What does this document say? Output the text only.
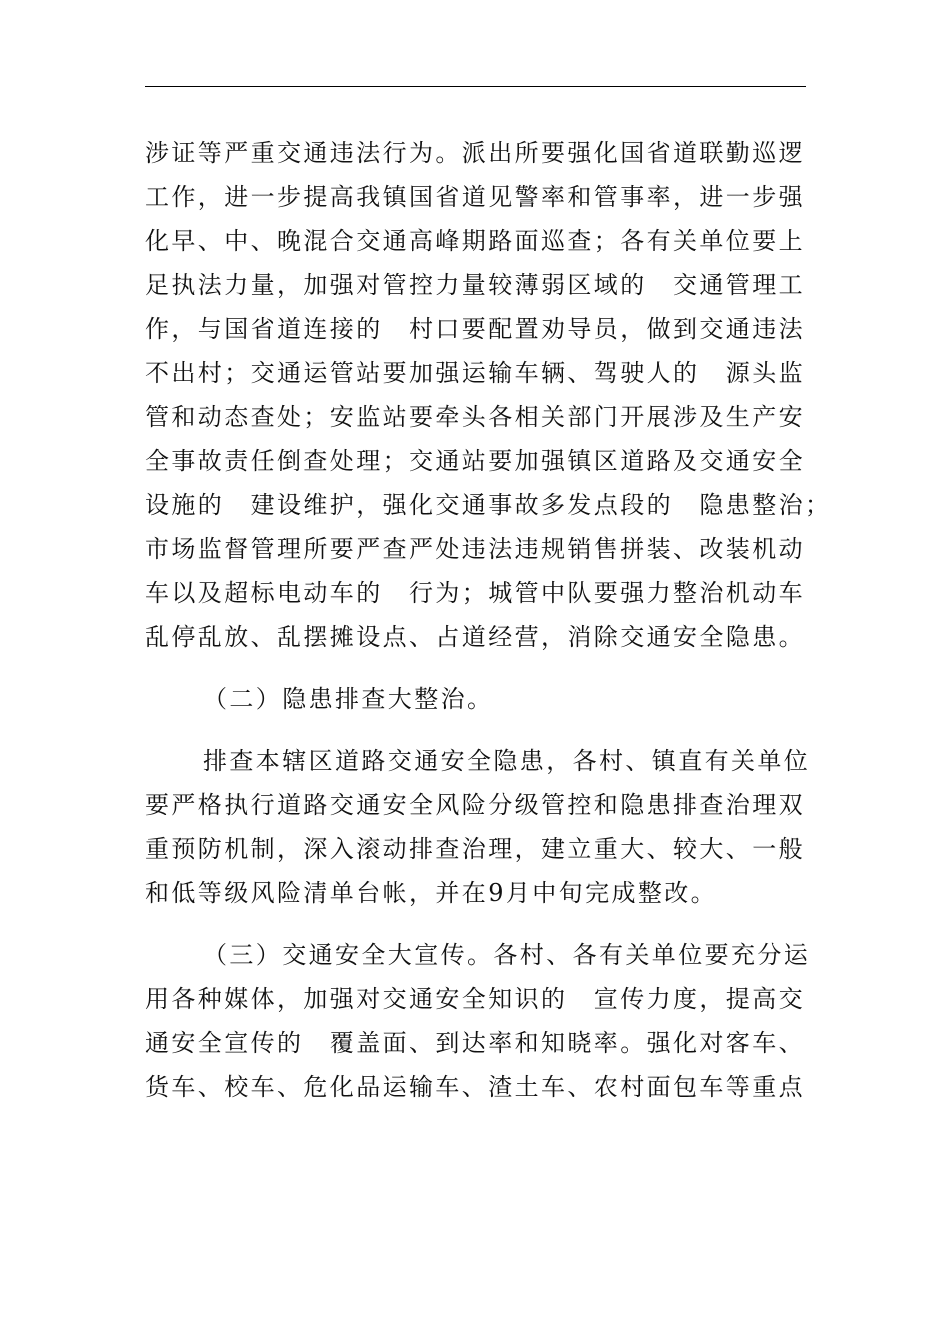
涉证等严重交通违法行为。派出所要强化国省道联勤巡逻
工作，进一步提高我镇国省道见警率和管事率，进一步强
化早、中、晚混合交通高峰期路面巡查；各有关单位要上
足执法力量，加强对管控力量较薄弱区域的　交通管理工
作，与国省道连接的　村口要配置劝导员，做到交通违法
不出村；交通运管站要加强运输车辆、驾驶人的　源头监
管和动态查处；安监站要牵头各相关部门开展涉及生产安
全事故责任倒查处理；交通站要加强镇区道路及交通安全
设施的　建设维护，强化交通事故多发点段的　隐患整治；
市场监督管理所要严查严处违法违规销售拼装、改装机动
车以及超标电动车的　行为；城管中队要强力整治机动车
乱停乱放、乱摆摊设点、占道经营，消除交通安全隐患。
（二）隐患排查大整治。
排查本辖区道路交通安全隐患，各村、镇直有关单位
要严格执行道路交通安全风险分级管控和隐患排查治理双
重预防机制，深入滚动排查治理，建立重大、较大、一般
和低等级风险清单台帐，并在9月中旬完成整改。
（三）交通安全大宣传。各村、各有关单位要充分运
用各种媒体，加强对交通安全知识的　宣传力度，提高交
通安全宣传的　覆盖面、到达率和知晓率。强化对客车、
货车、校车、危化品运输车、渣土车、农村面包车等重点
